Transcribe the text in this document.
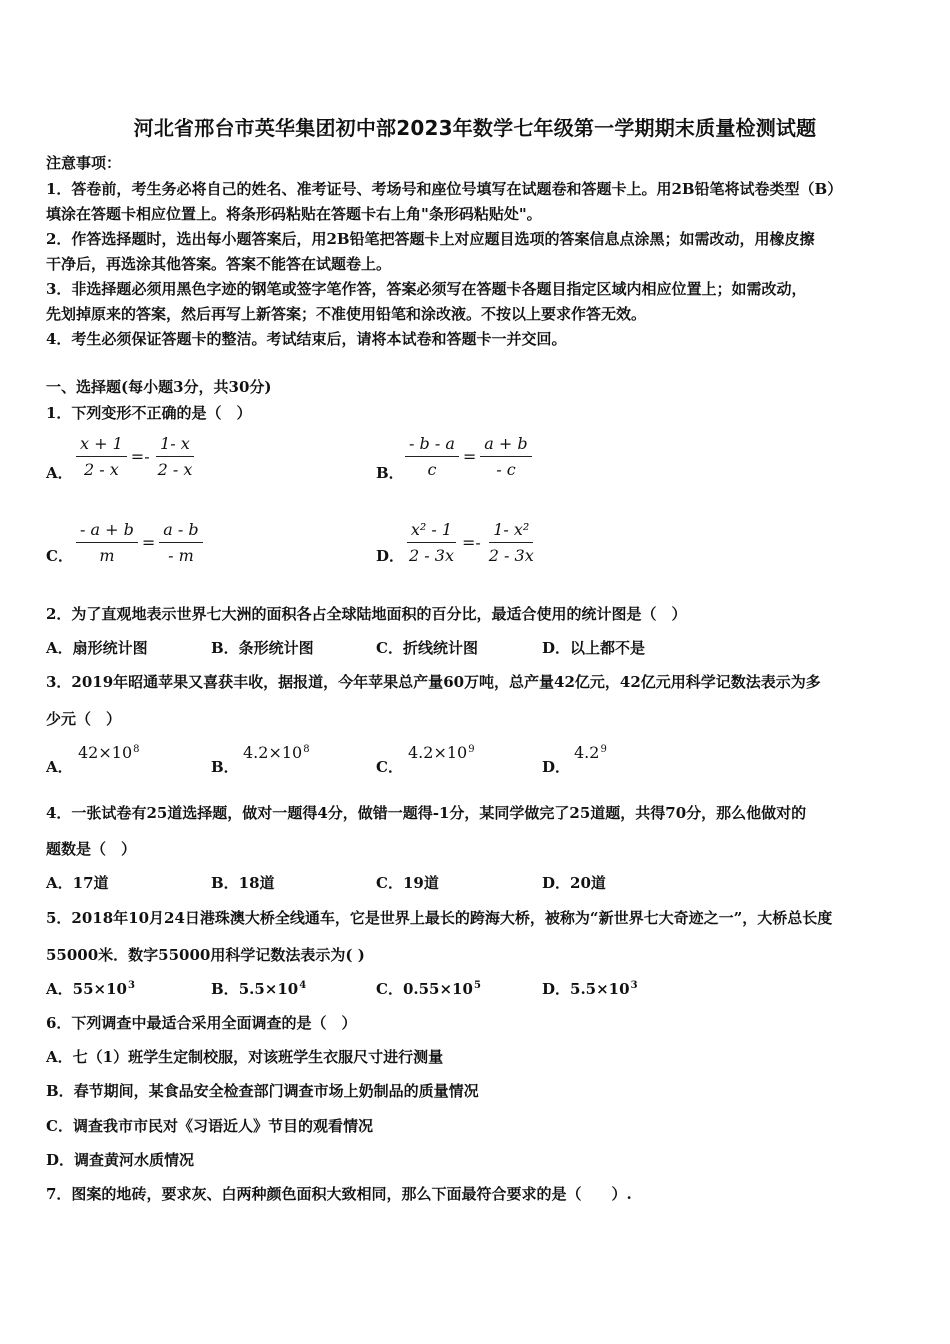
河北省邢台市英华集团初中部2023年数学七年级第一学期期末质量检测试题
注意事项：
1．答卷前，考生务必将自己的姓名、准考证号、考场号和座位号填写在试题卷和答题卡上。用2B铅笔将试卷类型（B）
填涂在答题卡相应位置上。将条形码粘贴在答题卡右上角"条形码粘贴处"。
2．作答选择题时，选出每小题答案后，用2B铅笔把答题卡上对应题目选项的答案信息点涂黑；如需改动，用橡皮擦
干净后，再选涂其他答案。答案不能答在试题卷上。
3．非选择题必须用黑色字迹的钢笔或签字笔作答，答案必须写在答题卡各题目指定区域内相应位置上；如需改动，
先划掉原来的答案，然后再写上新答案；不准使用铅笔和涂改液。不按以上要求作答无效。
4．考生必须保证答题卡的整洁。考试结束后，请将本试卷和答题卡一并交回。
一、选择题(每小题3分，共30分)
1．下列变形不正确的是（　）
A． $\frac{x + 1}{2 - x} =- \frac{1- x}{2 - x}$	B． $\frac{- b - a}{c} = \frac{a + b}{- c}$
C． $\frac{- a + b}{m} = \frac{a - b}{- m}$	D． $\frac{\text{x² - 1}}{2 - 3x} =- \frac{\text{1- x²}}{2 - 3x}$
2．为了直观地表示世界七大洲的面积各占全球陆地面积的百分比，最适合使用的统计图是（　）
A．扇形统计图	B．条形统计图	C．折线统计图	D．以上都不是
3．2019年昭通苹果又喜获丰收，据报道，今年苹果总产量60万吨，总产量42亿元，42亿元用科学记数法表示为多
少元（　）
A．
$42\times 10^8$
B．
$4.2\times 10^8$
C．
$4.2\times 10^9$
D．
$4.2^9$
4．一张试卷有25道选择题，做对一题得4分，做错一题得-1分，某同学做完了25道题，共得70分，那么他做对的
题数是（　）
A．17道	B．18道	C．19道	D．20道
5．2018年10月24日港珠澳大桥全线通车，它是世界上最长的跨海大桥，被称为“新世界七大奇迹之一”，大桥总长度
55000米．数字55000用科学记数法表示为( )
A．$55\times 10^3$	B．$5.5\times 10^4$	C．$0.55\times 10^5$	D．$5.5\times 10^3$
6．下列调查中最适合采用全面调查的是（　）
A．七（1）班学生定制校服，对该班学生衣服尺寸进行测量
B．春节期间，某食品安全检查部门调查市场上奶制品的质量情况
C．调查我市市民对《习语近人》节目的观看情况
D．调查黄河水质情况
7．图案的地砖，要求灰、白两种颜色面积大致相同，那么下面最符合要求的是（　　）.
